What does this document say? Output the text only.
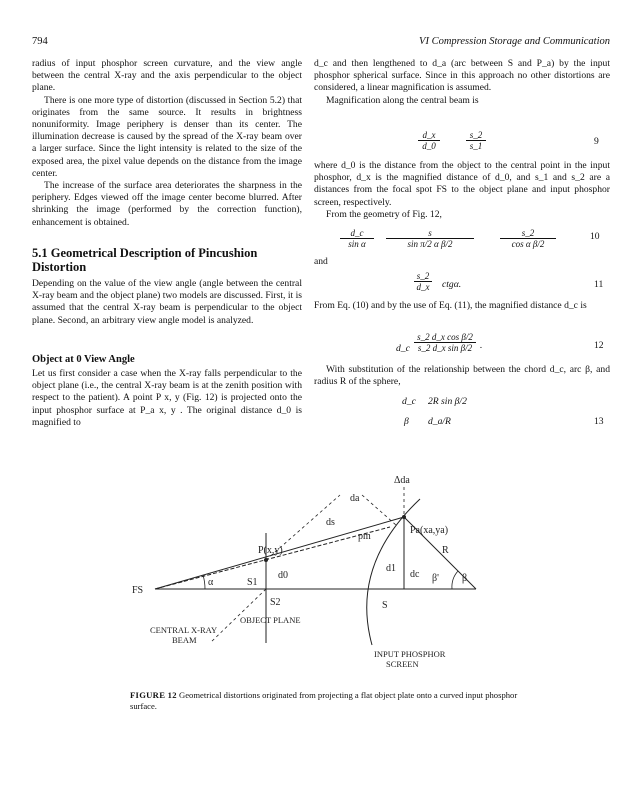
794	VI Compression Storage and Communication

radius of input phosphor screen curvature, and the view angle between the central X-ray and the axis perpendicular to the object plane.

There is one more type of distortion (discussed in Section 5.2) that originates from the same source. It results in brightness nonuniformity. Image periphery is denser than its center. The illumination decrease is caused by the spread of the X-ray beam over a larger surface. Since the light intensity is related to the size of the exposed area, the pixel value depends on the distance from the image center.

The increase of the surface area deteriorates the sharpness in the periphery. Edges viewed off the image center become blurred. After shrinking the image (performed by the correction function), enhancement is obtained.

5.1 Geometrical Description of Pincushion Distortion

Depending on the value of the view angle (angle between the central X-ray beam and the object plane) two models are discussed. First, it is assumed that the central X-ray beam is perpendicular to the object plane. Second, an arbitrary view angle model is analyzed.

Object at 0 View Angle

Let us first consider a case when the X-ray falls perpendicular to the object plane (i.e., the central X-ray beam is at the zenith position with respect to the patient). A point P x, y (Fig. 12) is projected onto the input phosphor surface at P_a x, y . The original distance d_0 is magnified to

d_c and then lengthened to d_a (arc between S and P_a) by the input phosphor spherical surface. Since in this approach no other distortions are considered, a linear magnification is assumed.

Magnification along the central beam is

$\frac{d\_x}{d\_0}$	$\frac{s\_2}{s\_1}$	9

where d_0 is the distance from the object to the central point in the input phosphor, d_x is the magnified distance of d_0, and s_1 and s_2 are a distances from the focal spot FS to the object plane and input phosphor screen, respectively.

From the geometry of Fig. 12,

$\frac{d\_c}{\text{sin α}} \frac{s}{\text{sin π/2 α β/2}}$	$\frac{s\_2}{\text{cos α β/2}}$	10
and
$\frac{s\_2}{d\_x} ctg\alpha$.	11

From Eq. (10) and by the use of Eq. (11), the magnified distance d_c is

d_c $\frac{\text{s\_2 d\_x cos β/2}}{\text{s\_2 d\_x sin β/2}}$ .	12

With substitution of the relationship between the chord d_c, arc β, and radius R of the sphere,

d_c 2R sin β/2
β d_a/R	13
FS
α	S1
S2
d0
P(x,y)
ds
da
pm
Δda
Pa(xa,ya)
d1
dc
R
β' β
S
OBJECT PLANE
CENTRAL X-RAY
BEAM
INPUT PHOSPHOR
SCREEN
FIGURE 12 Geometrical distortions originated from projecting a flat object plate onto a curved input phosphor surface.
